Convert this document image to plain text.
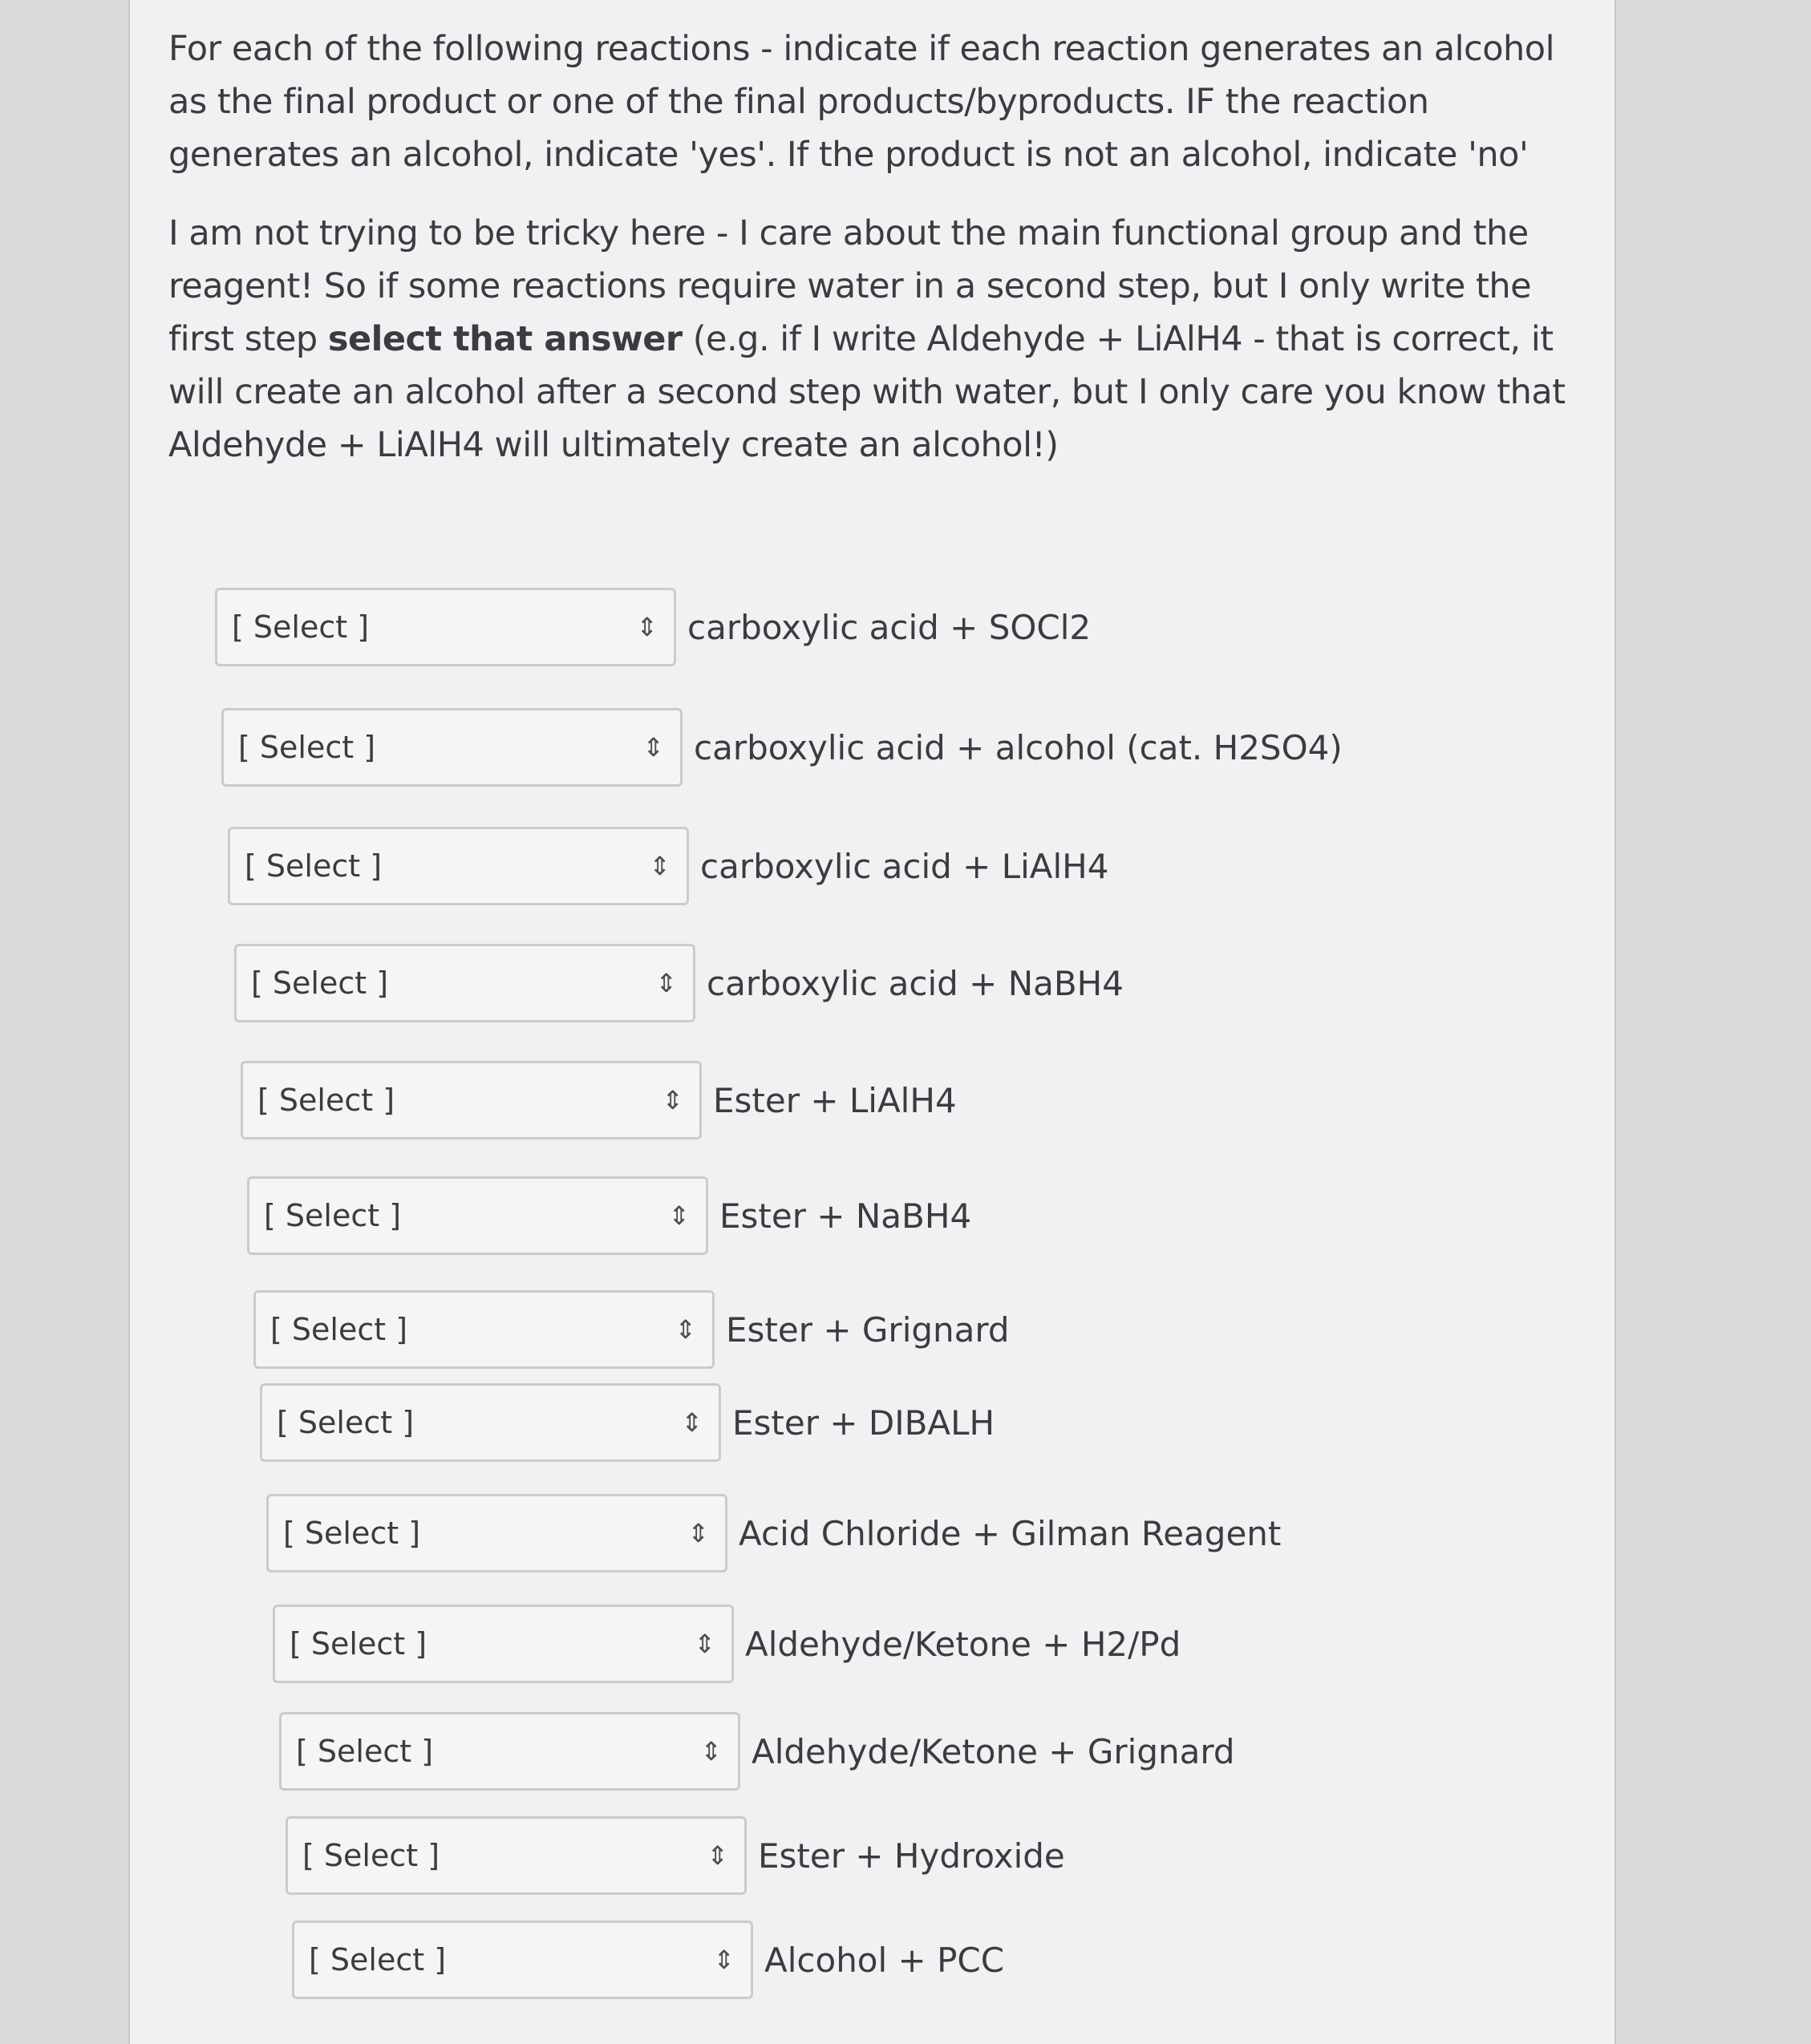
For each of the following reactions - indicate if each reaction generates an alcohol as the final product or one of the final products/byproducts. IF the reaction generates an alcohol, indicate 'yes'. If the product is not an alcohol, indicate 'no'

I am not trying to be tricky here - I care about the main functional group and the reagent! So if some reactions require water in a second step, but I only write the first step select that answer (e.g. if I write Aldehyde + LiAlH4 - that is correct, it will create an alcohol after a second step with water, but I only care you know that Aldehyde + LiAlH4 will ultimately create an alcohol!)

[ Select ]	⇕ carboxylic acid + SOCl2
[ Select ]	⇕ carboxylic acid + alcohol (cat. H2SO4)
[ Select ]	⇕ carboxylic acid + LiAlH4
[ Select ]	⇕ carboxylic acid + NaBH4
[ Select ]	⇕ Ester + LiAlH4
[ Select ]	⇕ Ester + NaBH4
[ Select ]	⇕ Ester + Grignard
[ Select ]	⇕ Ester + DIBALH
[ Select ]	⇕ Acid Chloride + Gilman Reagent
[ Select ]	⇕ Aldehyde/Ketone + H2/Pd
[ Select ]	⇕ Aldehyde/Ketone + Grignard
[ Select ]	⇕ Ester + Hydroxide
[ Select ]	⇕ Alcohol + PCC
